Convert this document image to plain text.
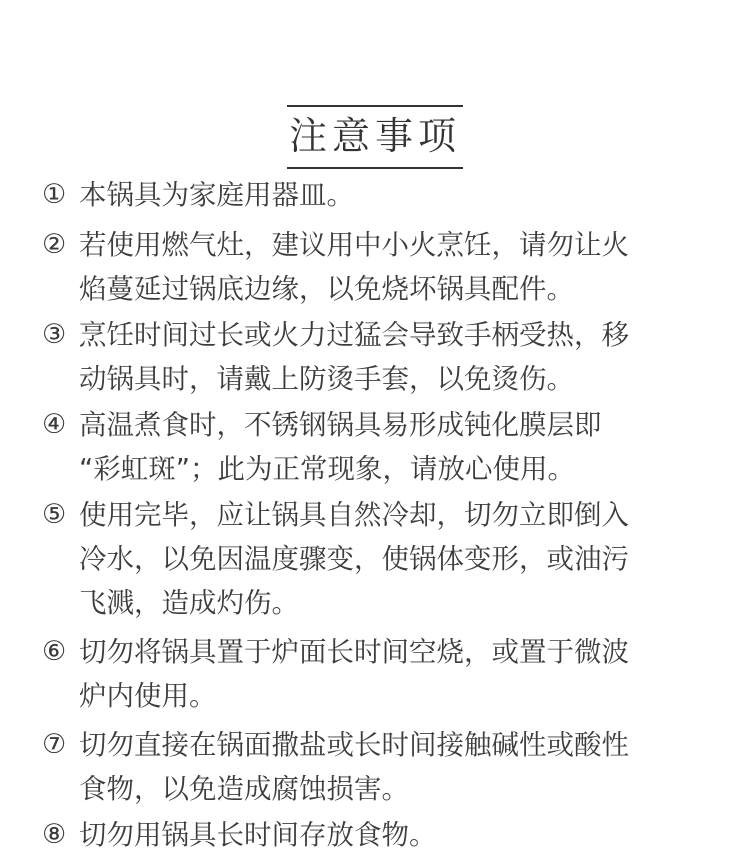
注意事项
① 本锅具为家庭用器皿。
② 若使用燃气灶，建议用中小火烹饪，请勿让火
焰蔓延过锅底边缘，以免烧坏锅具配件。
③ 烹饪时间过长或火力过猛会导致手柄受热，移
动锅具时，请戴上防烫手套，以免烫伤。
④ 高温煮食时，不锈钢锅具易形成钝化膜层即
“彩虹斑”；此为正常现象，请放心使用。
⑤ 使用完毕，应让锅具自然冷却，切勿立即倒入
冷水，以免因温度骤变，使锅体变形，或油污
飞溅，造成灼伤。
⑥ 切勿将锅具置于炉面长时间空烧，或置于微波
炉内使用。
⑦ 切勿直接在锅面撒盐或长时间接触碱性或酸性
食物，以免造成腐蚀损害。
⑧ 切勿用锅具长时间存放食物。
